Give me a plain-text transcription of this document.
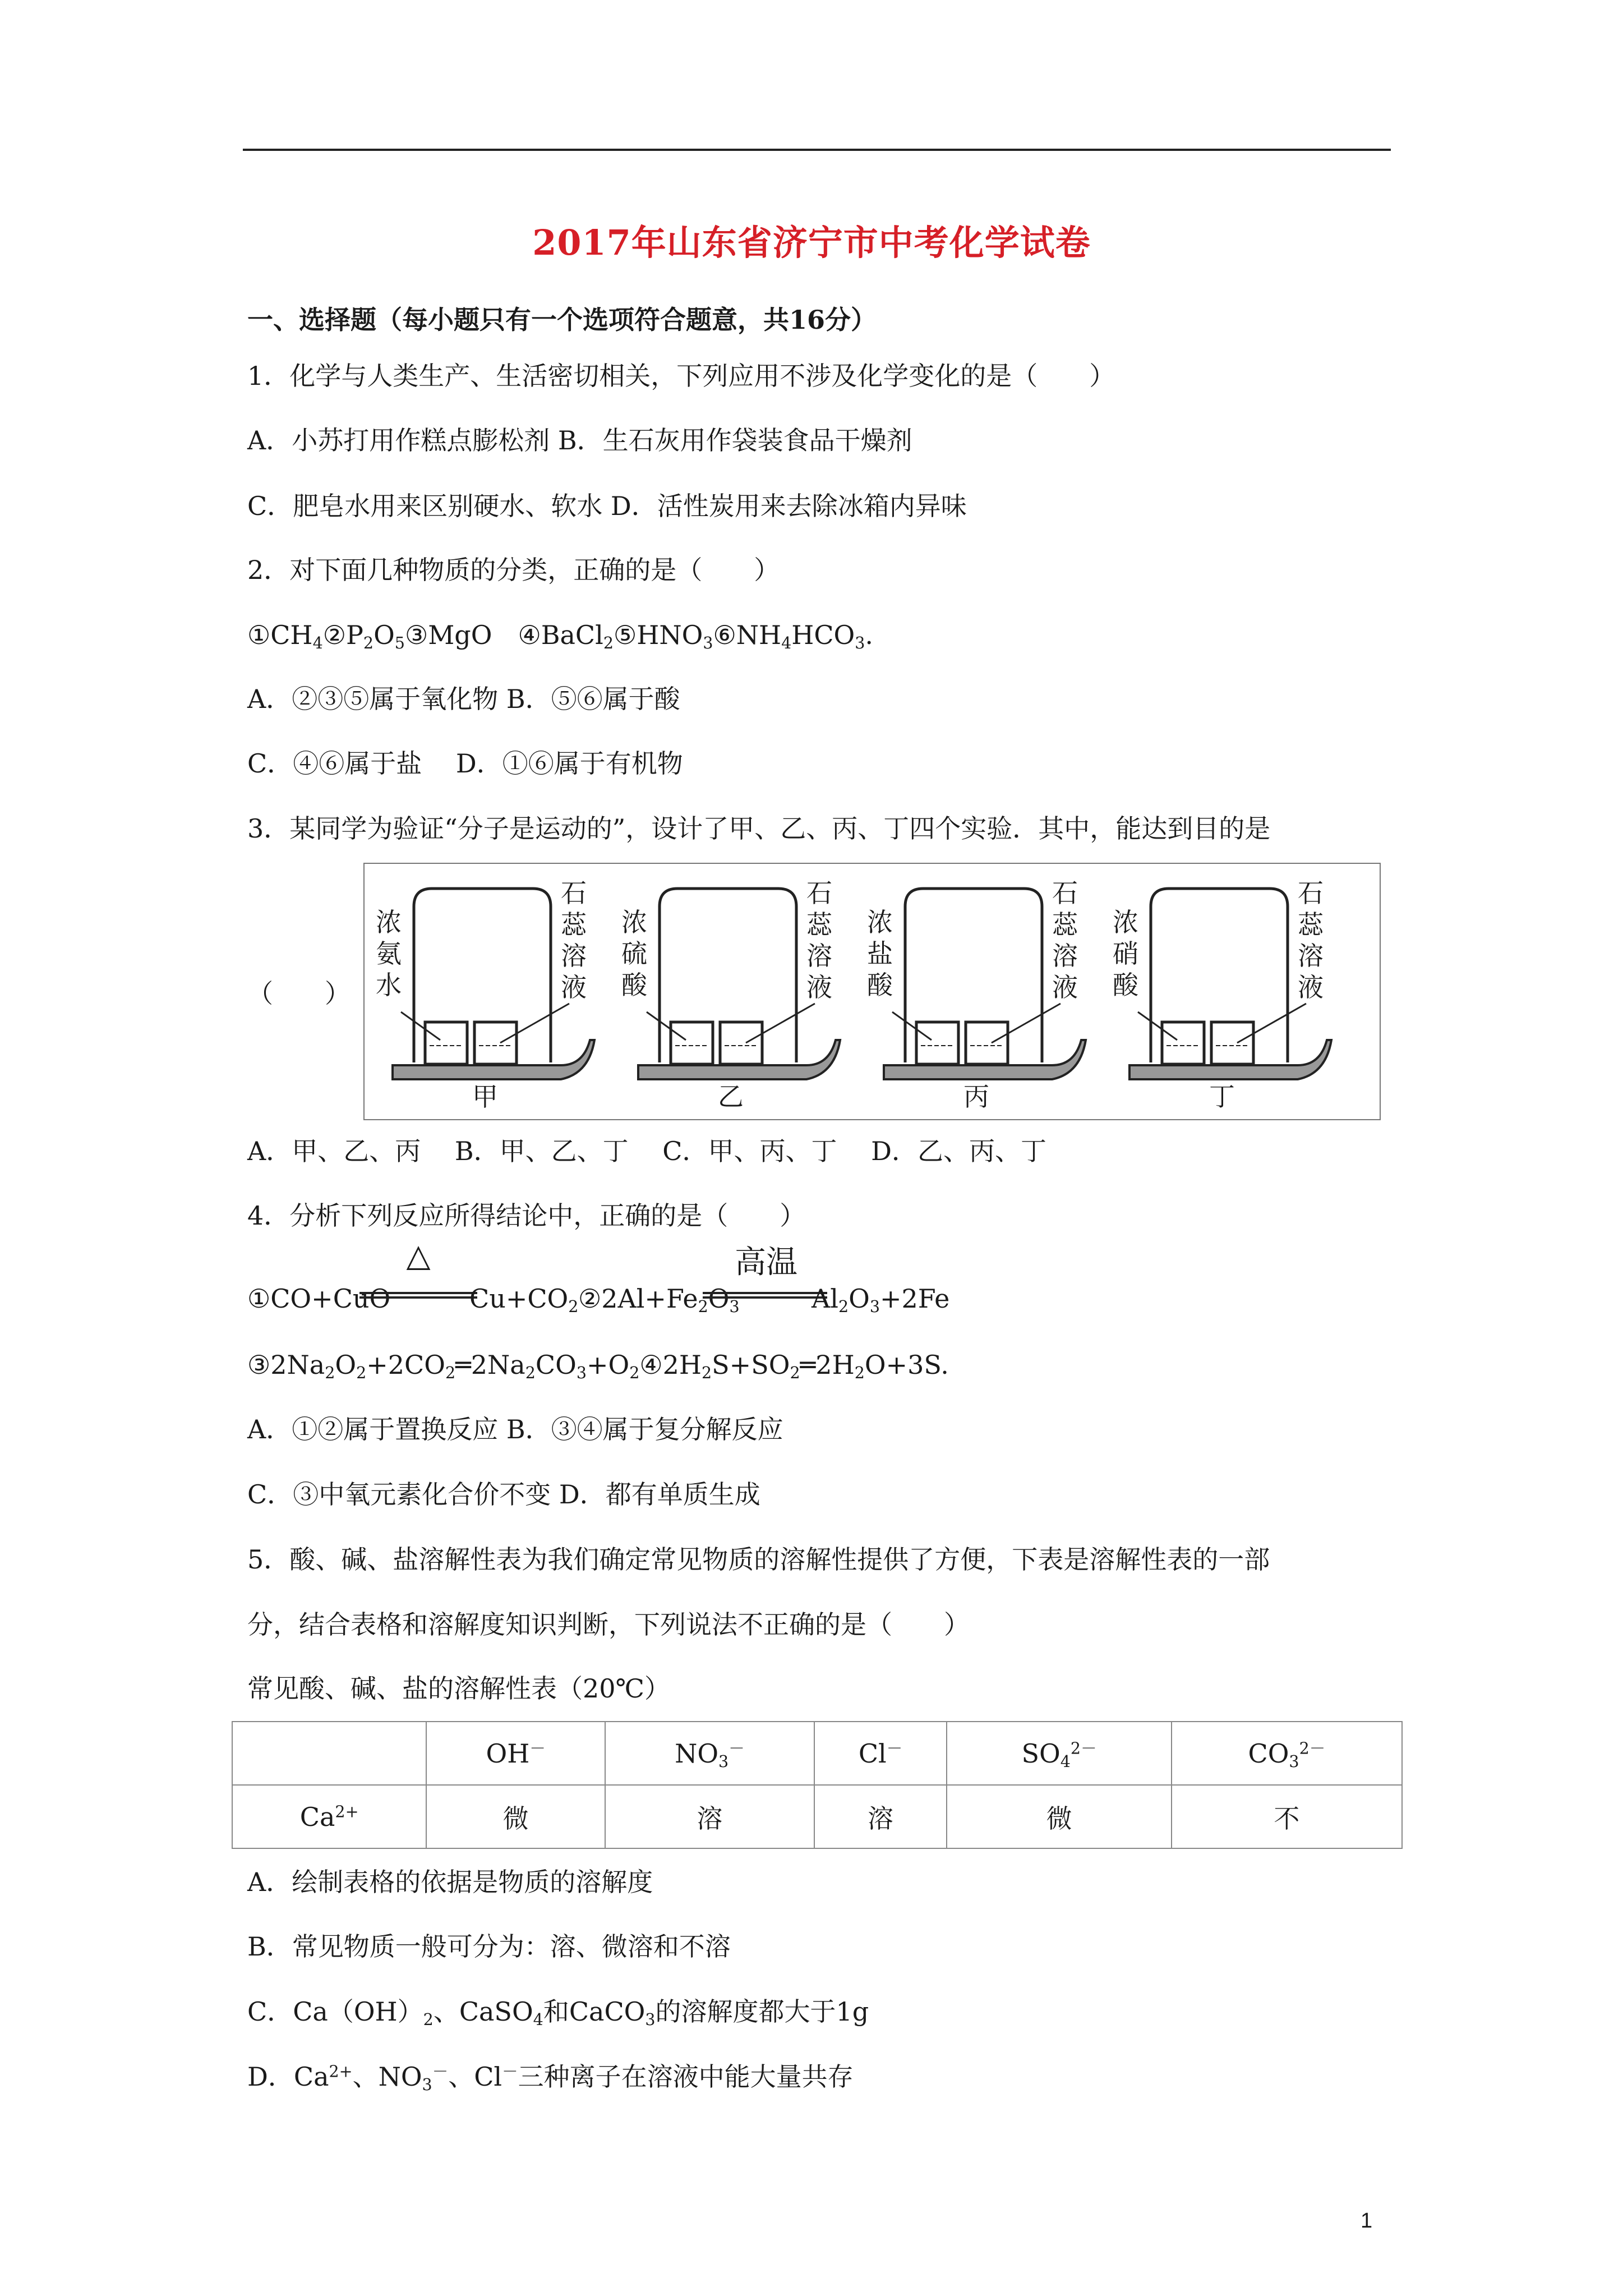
2017年山东省济宁市中考化学试卷
一、选择题（每小题只有一个选项符合题意，共16分）
1．化学与人类生产、生活密切相关，下列应用不涉及化学变化的是（　　）
A．小苏打用作糕点膨松剂 B．生石灰用作袋装食品干燥剂
C．肥皂水用来区别硬水、软水 D．活性炭用来去除冰箱内异味
2．对下面几种物质的分类，正确的是（　　）
$①CH_4②P_2O_5③MgO$　$④BaCl_2⑤HNO_3⑥NH_4HCO_3$.
A．②③⑤属于氧化物 B．⑤⑥属于酸
C．④⑥属于盐　 D．①⑥属于有机物
3．某同学为验证“分子是运动的”，设计了甲、乙、丙、丁四个实验．其中，能达到目的是
（　　）
浓
氨
水
石
蕊
溶
液
甲
浓
硫
酸
石
蕊
溶
液
乙
浓
盐
酸
石
蕊
溶
液
丙
浓
硝
酸
石
蕊
溶
液
丁
A．甲、乙、丙　 B．甲、乙、丁　 C．甲、丙、丁　 D．乙、丙、丁
4．分析下列反应所得结论中，正确的是（　　）
①CO+CuO
△
$Cu+CO_2$ $②2Al+Fe_2O_3$
高温
$Al_2O_3+2Fe$
$③2Na_2O_2+2CO_2═2Na_2CO_3+O_2④2H_2S+SO_2═2H_2O+3S$.
A．①②属于置换反应 B．③④属于复分解反应
C．③中氧元素化合价不变 D．都有单质生成
5．酸、碱、盐溶解性表为我们确定常见物质的溶解性提供了方便，下表是溶解性表的一部
分，结合表格和溶解度知识判断，下列说法不正确的是（　　）
常见酸、碱、盐的溶解性表（20℃）
	OH－	$NO_3^-$	Cl－	$SO_4^{2-}$	$CO_3^{2-}$
$Ca^{2+}$	微	溶	溶	微	不
A．绘制表格的依据是物质的溶解度
B．常见物质一般可分为：溶、微溶和不溶
C．$Ca(OH)_2$、CaSO$_4$和CaCO$_3$的溶解度都大于1g
D．$Ca^{2+}$、$NO_3^-$、Cl－三种离子在溶液中能大量共存
1
